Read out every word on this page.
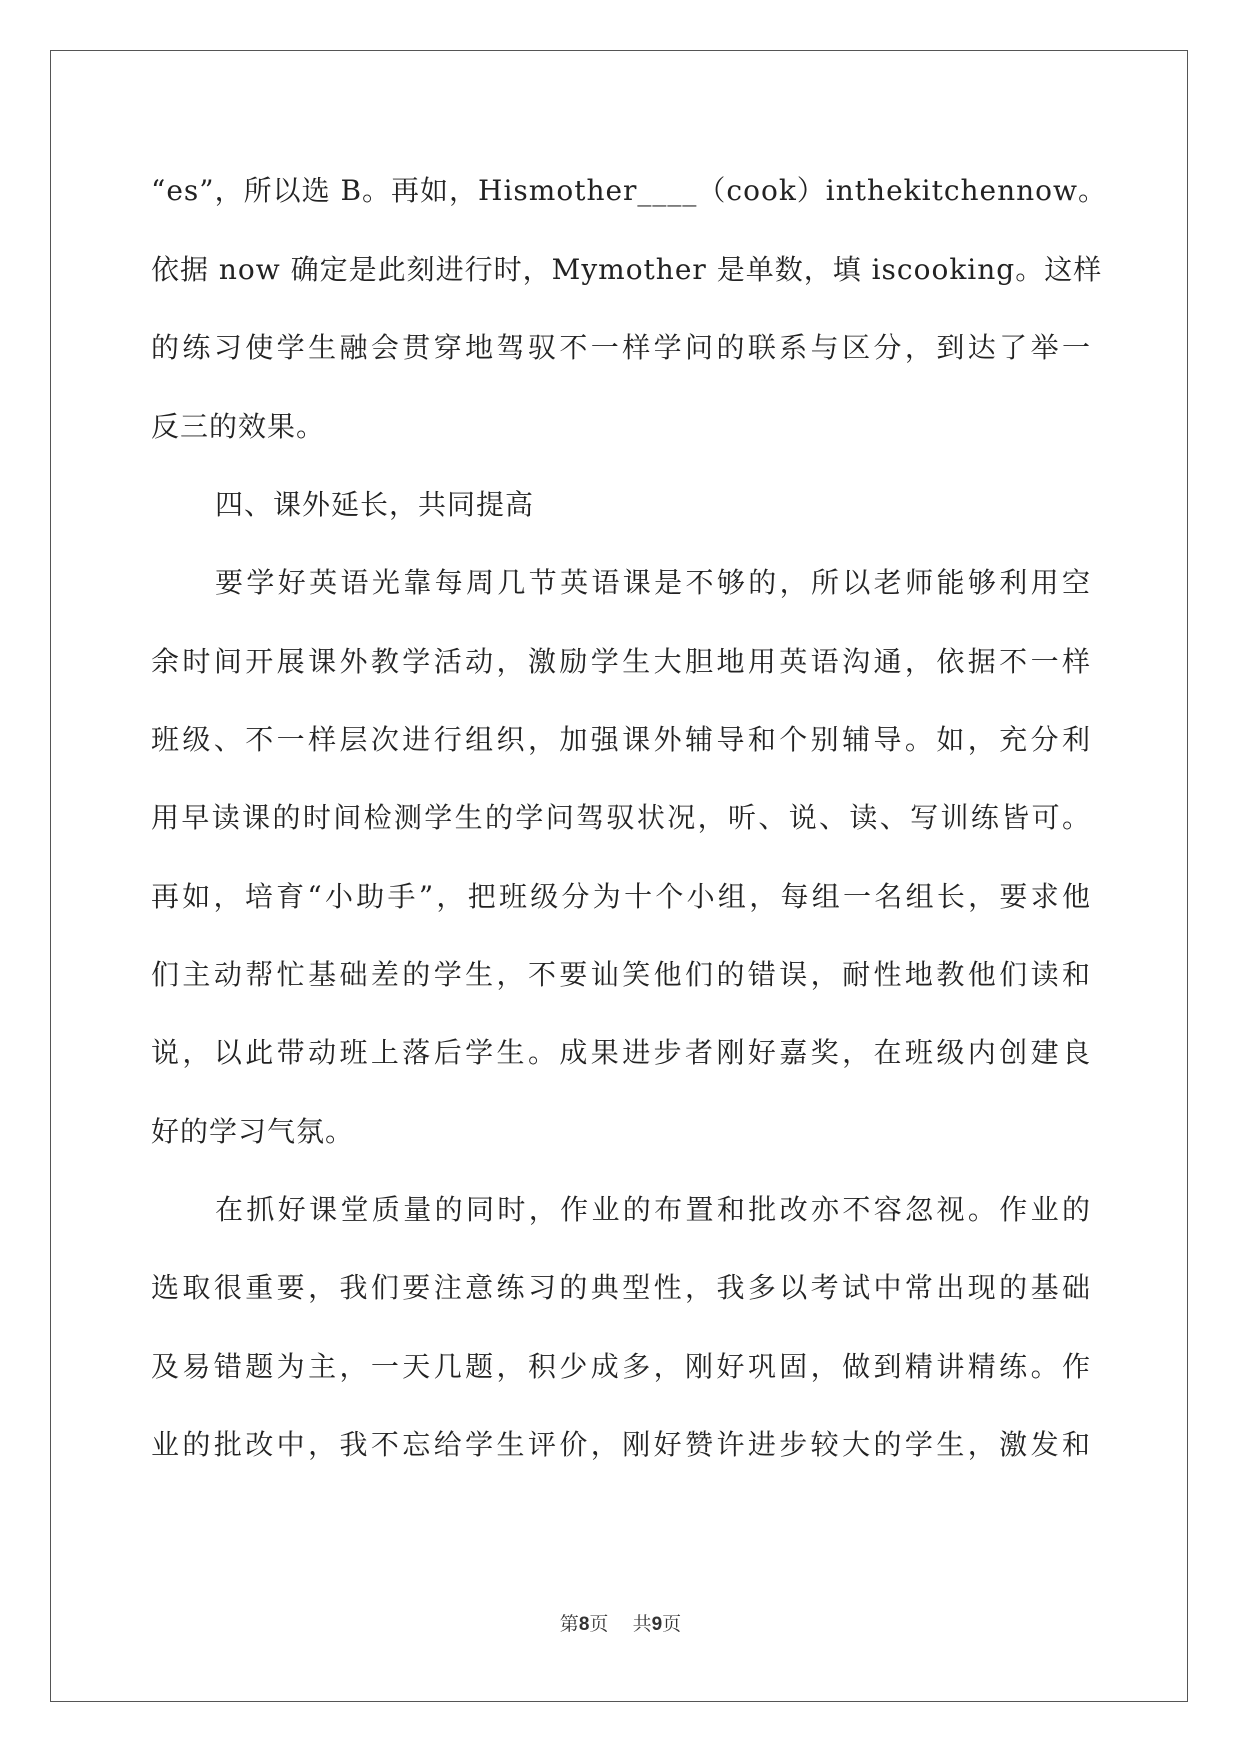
“es”，所以选 B。再如，Hismother____（cook）inthekitchennow。
依据 now 确定是此刻进行时，Mymother 是单数，填 iscooking。这样
的练习使学生融会贯穿地驾驭不一样学问的联系与区分，到达了举一
反三的效果。
四、课外延长，共同提高
要学好英语光靠每周几节英语课是不够的，所以老师能够利用空
余时间开展课外教学活动，激励学生大胆地用英语沟通，依据不一样
班级、不一样层次进行组织，加强课外辅导和个别辅导。如，充分利
用早读课的时间检测学生的学问驾驭状况，听、说、读、写训练皆可。
再如，培育“小助手”，把班级分为十个小组，每组一名组长，要求他
们主动帮忙基础差的学生，不要讪笑他们的错误，耐性地教他们读和
说，以此带动班上落后学生。成果进步者刚好嘉奖，在班级内创建良
好的学习气氛。
在抓好课堂质量的同时，作业的布置和批改亦不容忽视。作业的
选取很重要，我们要注意练习的典型性，我多以考试中常出现的基础
及易错题为主，一天几题，积少成多，刚好巩固，做到精讲精练。作
业的批改中，我不忘给学生评价，刚好赞许进步较大的学生，激发和
第8页 共9页
